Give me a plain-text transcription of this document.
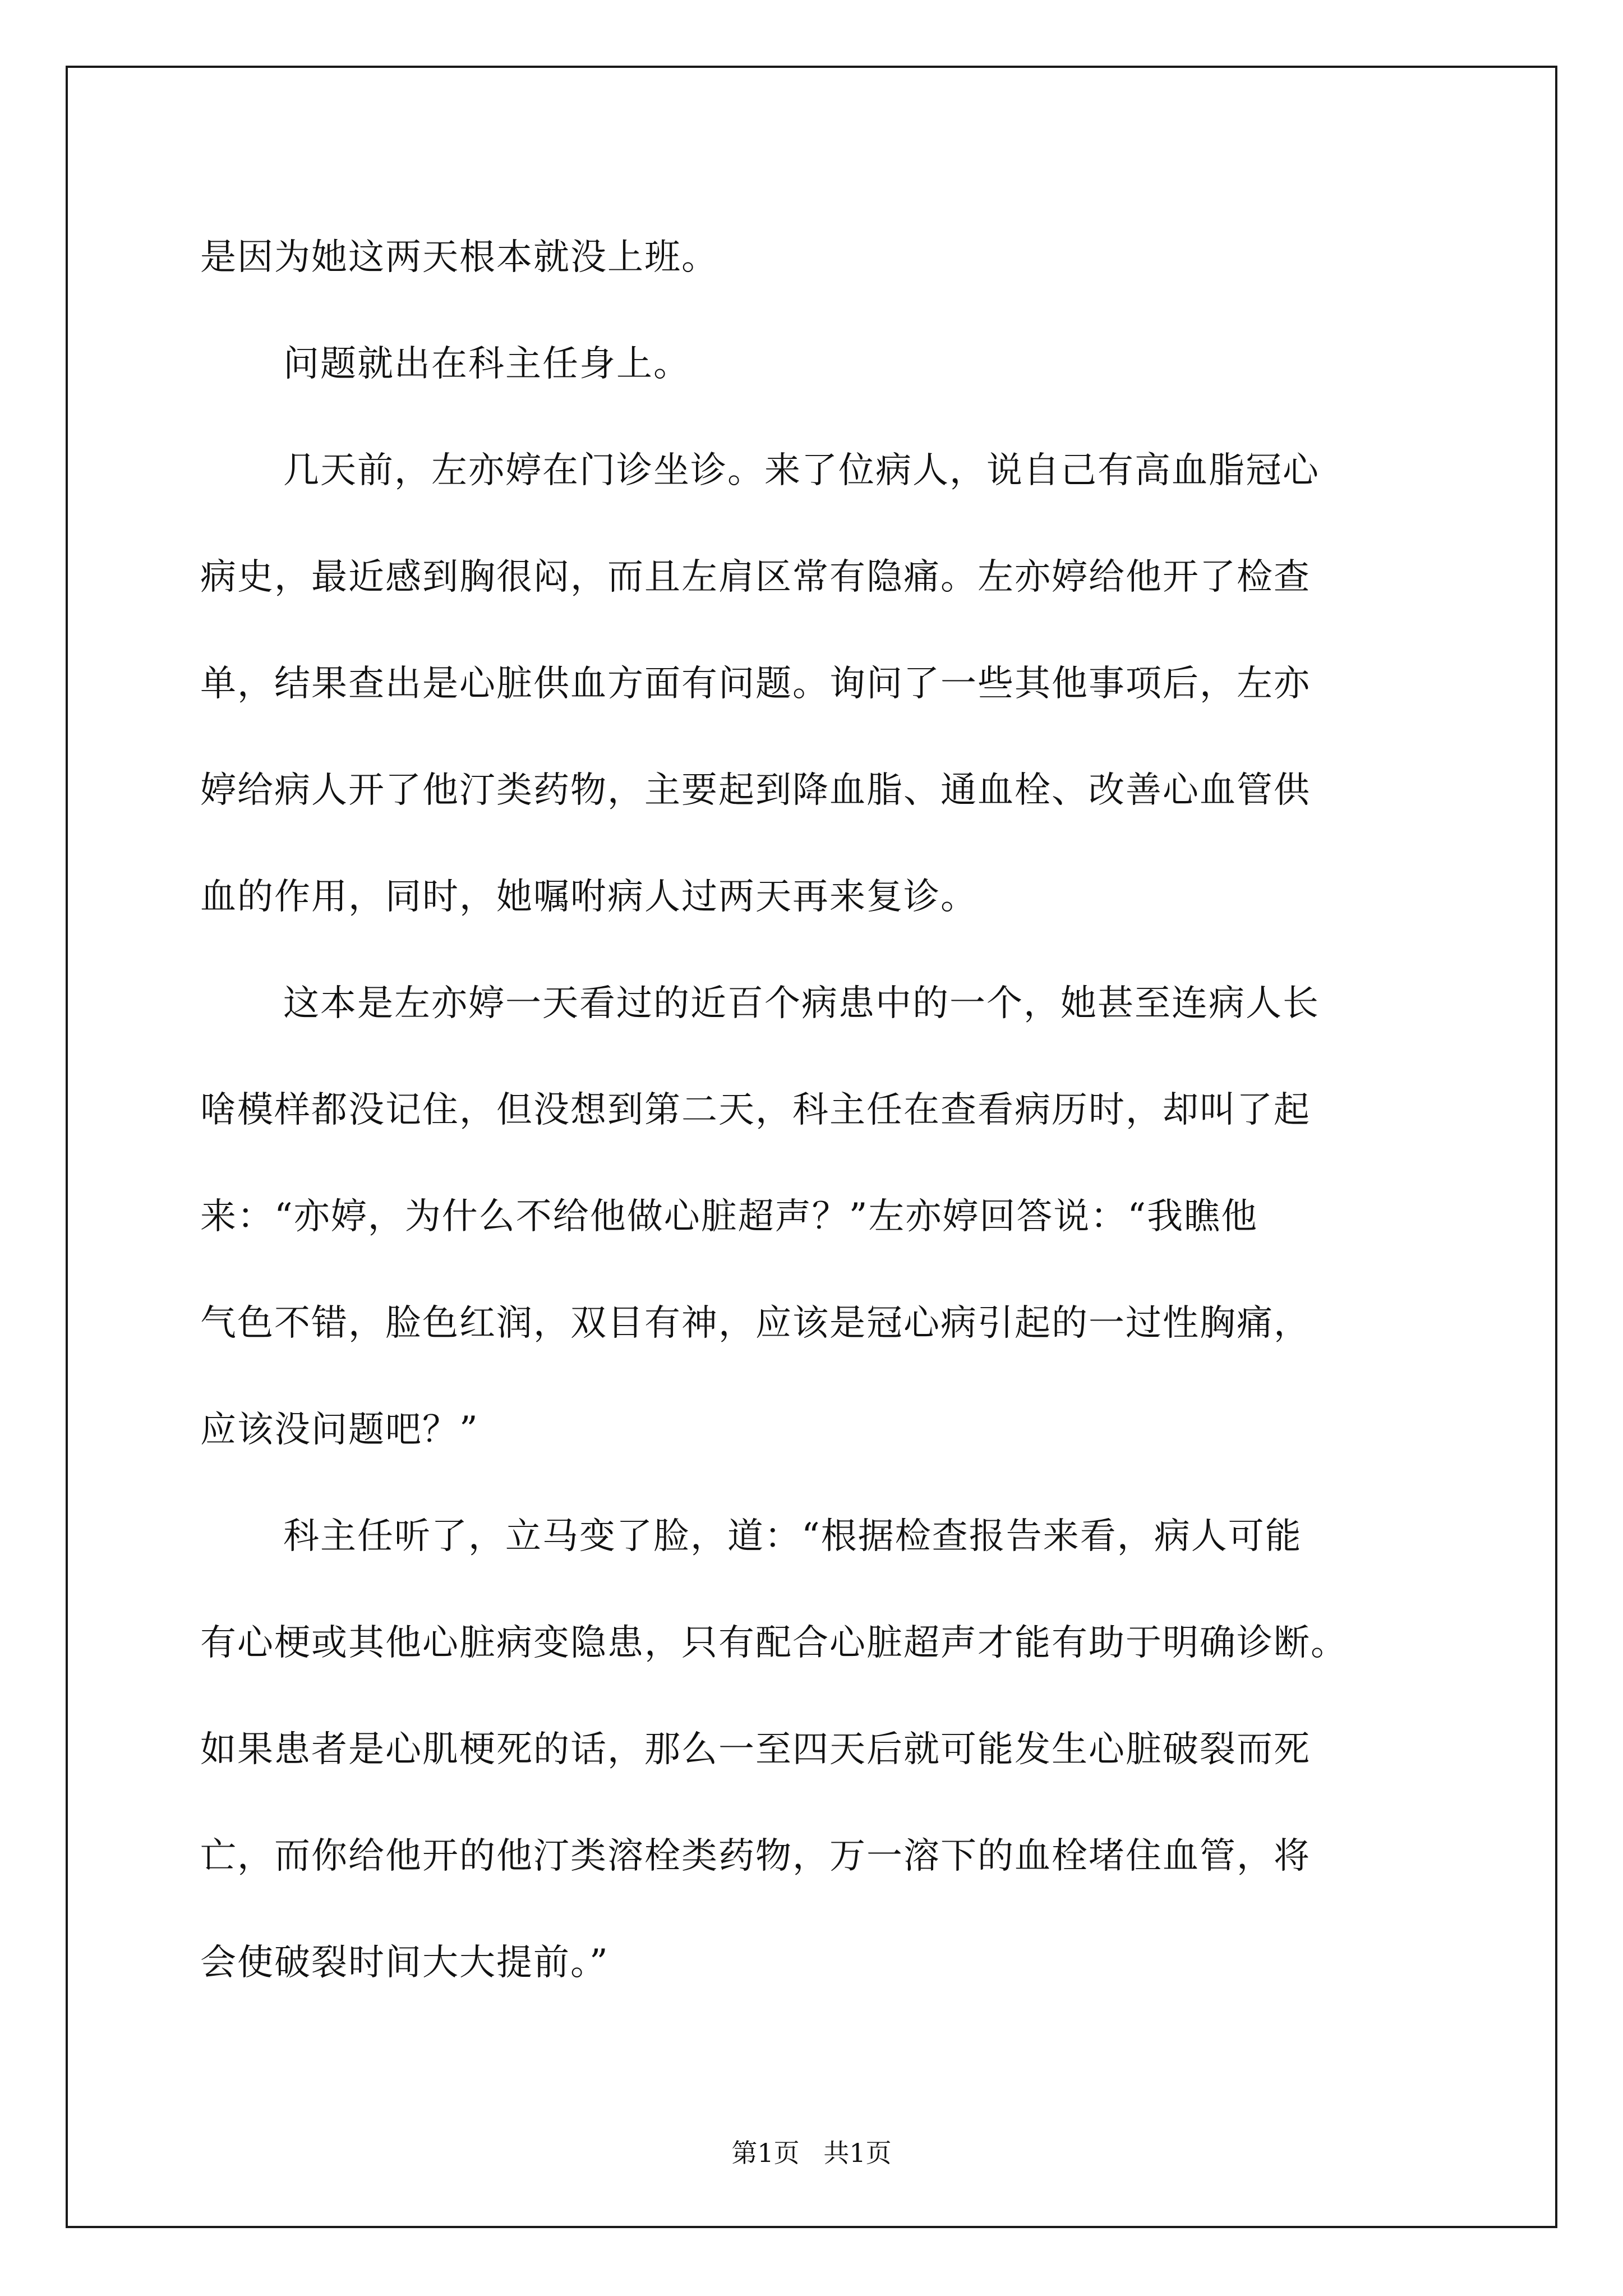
是因为她这两天根本就没上班。
问题就出在科主任身上。
几天前，左亦婷在门诊坐诊。来了位病人，说自己有高血脂冠心
病史，最近感到胸很闷，而且左肩区常有隐痛。左亦婷给他开了检查
单，结果查出是心脏供血方面有问题。询问了一些其他事项后，左亦
婷给病人开了他汀类药物，主要起到降血脂、通血栓、改善心血管供
血的作用，同时，她嘱咐病人过两天再来复诊。
这本是左亦婷一天看过的近百个病患中的一个，她甚至连病人长
啥模样都没记住，但没想到第二天，科主任在查看病历时，却叫了起
来：“亦婷，为什么不给他做心脏超声？”左亦婷回答说：“我瞧他
气色不错，脸色红润，双目有神，应该是冠心病引起的一过性胸痛，
应该没问题吧？”
科主任听了，立马变了脸，道：“根据检查报告来看，病人可能
有心梗或其他心脏病变隐患，只有配合心脏超声才能有助于明确诊断。
如果患者是心肌梗死的话，那么一至四天后就可能发生心脏破裂而死
亡，而你给他开的他汀类溶栓类药物，万一溶下的血栓堵住血管，将
会使破裂时间大大提前。”
第1页 共1页
